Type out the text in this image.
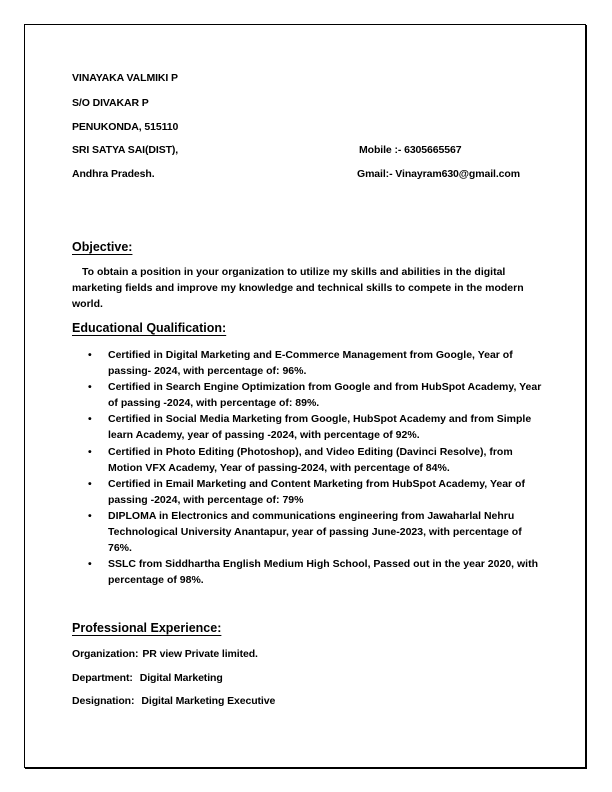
VINAYAKA VALMIKI P
S/O DIVAKAR P
PENUKONDA, 515110
SRI SATYA SAI(DIST),
Andhra Pradesh.
Mobile :- 6305665567
Gmail:- Vinayram630@gmail.com
Objective:
To obtain a position in your organization to utilize my skills and abilities in the digital marketing fields and improve my knowledge and technical skills to compete in the modern world.
Educational Qualification:
• Certified in Digital Marketing and E-Commerce Management from Google, Year of passing- 2024, with percentage of: 96%.
• Certified in Search Engine Optimization from Google and from HubSpot Academy, Year of passing -2024, with percentage of: 89%.
• Certified in Social Media Marketing from Google, HubSpot Academy and from Simple learn Academy, year of passing -2024, with percentage of 92%.
• Certified in Photo Editing (Photoshop), and Video Editing (Davinci Resolve), from Motion VFX Academy, Year of passing-2024, with percentage of 84%.
• Certified in Email Marketing and Content Marketing from HubSpot Academy, Year of passing -2024, with percentage of: 79%
• DIPLOMA in Electronics and communications engineering from Jawaharlal Nehru Technological University Anantapur, year of passing June-2023, with percentage of 76%.
• SSLC from Siddhartha English Medium High School, Passed out in the year 2020, with percentage of 98%.
Professional Experience:
Organization: PR view Private limited.
Department: Digital Marketing
Designation: Digital Marketing Executive
